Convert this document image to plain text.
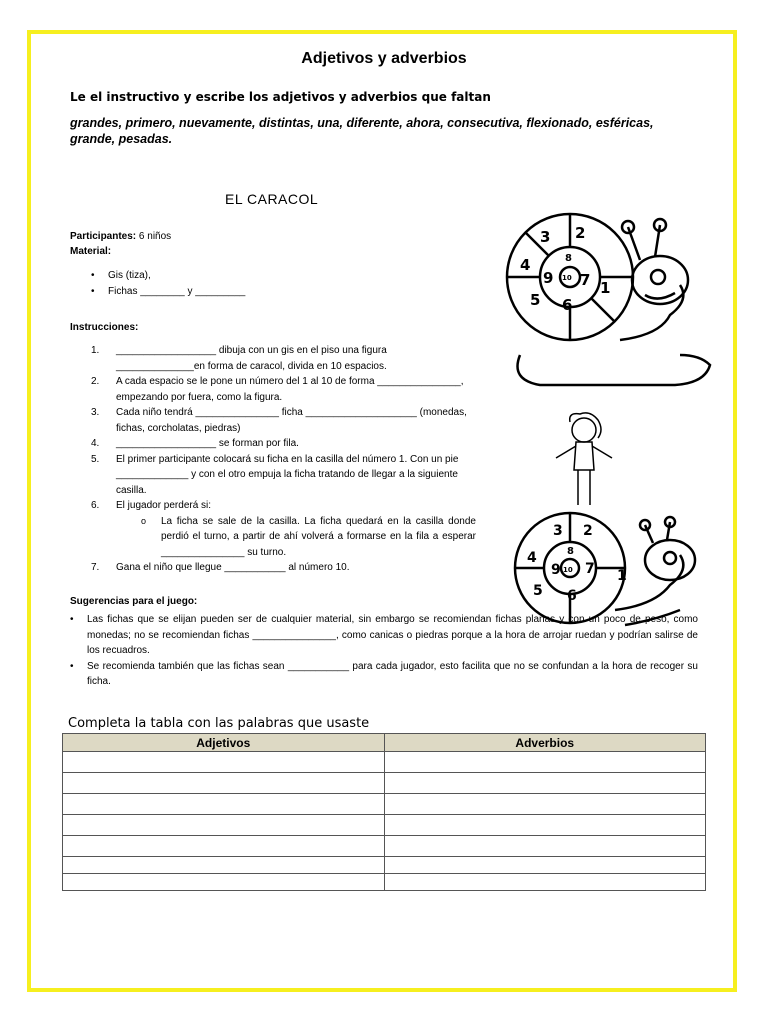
Adjetivos y adverbios
Le el instructivo y escribe los adjetivos y adverbios que faltan
grandes, primero, nuevamente, distintas, una, diferente, ahora, consecutiva, flexionado, esféricas, grande, pesadas.
EL CARACOL
Participantes: 6 niños
Material:
• Gis (tiza),
• Fichas ________ y _________
Instrucciones:
1. __________________ dibuja con un gis en el piso una figura ______________en forma de caracol, divida en 10 espacios.
2. A cada espacio se le pone un número del 1 al 10 de forma _______________, empezando por fuera, como la figura.
3. Cada niño tendrá _______________ ficha ____________________ (monedas, fichas, corcholatas, piedras)
4. __________________ se forman por fila.
5. El primer participante colocará su ficha en la casilla del número 1. Con un pie _____________ y con el otro empuja la ficha tratando de llegar a la siguiente casilla.
6. El jugador perderá si:
o La ficha se sale de la casilla. La ficha quedará en la casilla donde perdió el turno, a partir de ahí volverá a formarse en la fila a esperar _______________ su turno.
7. Gana el niño que llegue ___________ al número 10.
Sugerencias para el juego:
• Las fichas que se elijan pueden ser de cualquier material, sin embargo se recomiendan fichas planas y con un poco de peso, como monedas; no se recomiendan fichas _______________, como canicas o piedras porque a la hora de arrojar ruedan y podrían salirse de los recuadros.
• Se recomienda también que las fichas sean ___________ para cada jugador, esto facilita que no se confundan a la hora de recoger su ficha.
1
2
3
4
5 6
7
8
9 10
1
2
3
4
5 6
7
8
9 10
Completa la tabla con las palabras que usaste
Adjetivos	Adverbios
